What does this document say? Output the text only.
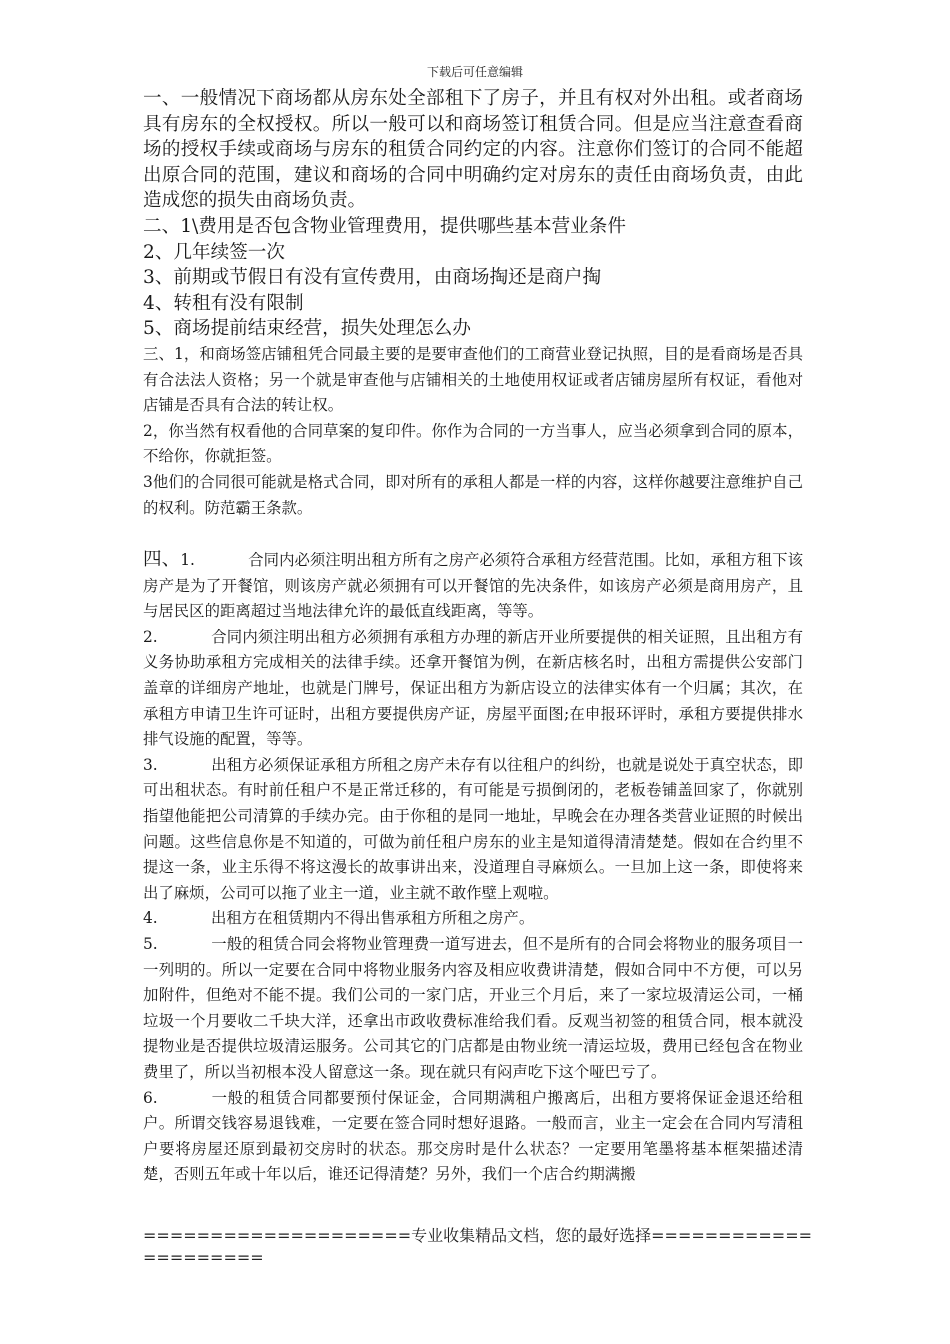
下载后可任意编辑

一、一般情况下商场都从房东处全部租下了房子，并且有权对外出租。或者商场具有房东的全权授权。所以一般可以和商场签订租赁合同。但是应当注意查看商场的授权手续或商场与房东的租赁合同约定的内容。注意你们签订的合同不能超出原合同的范围，建议和商场的合同中明确约定对房东的责任由商场负责，由此造成您的损失由商场负责。

二、1\费用是否包含物业管理费用，提供哪些基本营业条件

2、几年续签一次

3、前期或节假日有没有宣传费用，由商场掏还是商户掏

4、转租有没有限制

5、商场提前结束经营，损失处理怎么办

三、1，和商场签店铺租凭合同最主要的是要审查他们的工商营业登记执照，目的是看商场是否具有合法法人资格；另一个就是审查他与店铺相关的土地使用权证或者店铺房屋所有权证，看他对店铺是否具有合法的转让权。

2，你当然有权看他的合同草案的复印件。你作为合同的一方当事人，应当必须拿到合同的原本，不给你，你就拒签。

3他们的合同很可能就是格式合同，即对所有的承租人都是一样的内容，这样你越要注意维护自己的权利。防范霸王条款。

四、1.	合同内必须注明出租方所有之房产必须符合承租方经营范围。比如，承租方租下该房产是为了开餐馆，则该房产就必须拥有可以开餐馆的先决条件，如该房产必须是商用房产，且与居民区的距离超过当地法律允许的最低直线距离，等等。

2.	合同内须注明出租方必须拥有承租方办理的新店开业所要提供的相关证照，且出租方有义务协助承租方完成相关的法律手续。还拿开餐馆为例，在新店核名时，出租方需提供公安部门盖章的详细房产地址，也就是门牌号，保证出租方为新店设立的法律实体有一个归属；其次，在承租方申请卫生许可证时，出租方要提供房产证，房屋平面图;在申报环评时，承租方要提供排水排气设施的配置，等等。

3.	出租方必须保证承租方所租之房产未存有以往租户的纠纷，也就是说处于真空状态，即可出租状态。有时前任租户不是正常迁移的，有可能是亏损倒闭的，老板卷铺盖回家了，你就别指望他能把公司清算的手续办完。由于你租的是同一地址，早晚会在办理各类营业证照的时候出问题。这些信息你是不知道的，可做为前任租户房东的业主是知道得清清楚楚。假如在合约里不提这一条，业主乐得不将这漫长的故事讲出来，没道理自寻麻烦么。一旦加上这一条，即使将来出了麻烦，公司可以拖了业主一道，业主就不敢作壁上观啦。

4.	出租方在租赁期内不得出售承租方所租之房产。

5.	一般的租赁合同会将物业管理费一道写进去，但不是所有的合同会将物业的服务项目一一列明的。所以一定要在合同中将物业服务内容及相应收费讲清楚，假如合同中不方便，可以另加附件，但绝对不能不提。我们公司的一家门店，开业三个月后，来了一家垃圾清运公司，一桶垃圾一个月要收二千块大洋，还拿出市政收费标准给我们看。反观当初签的租赁合同，根本就没提物业是否提供垃圾清运服务。公司其它的门店都是由物业统一清运垃圾，费用已经包含在物业费里了，所以当初根本没人留意这一条。现在就只有闷声吃下这个哑巴亏了。

6.	一般的租赁合同都要预付保证金，合同期满租户搬离后，出租方要将保证金退还给租户。所谓交钱容易退钱难，一定要在签合同时想好退路。一般而言，业主一定会在合同内写清租户要将房屋还原到最初交房时的状态。那交房时是什么状态？一定要用笔墨将基本框架描述清楚，否则五年或十年以后，谁还记得清楚？另外，我们一个店合约期满搬

====================专业收集精品文档，您的最好选择=====================
